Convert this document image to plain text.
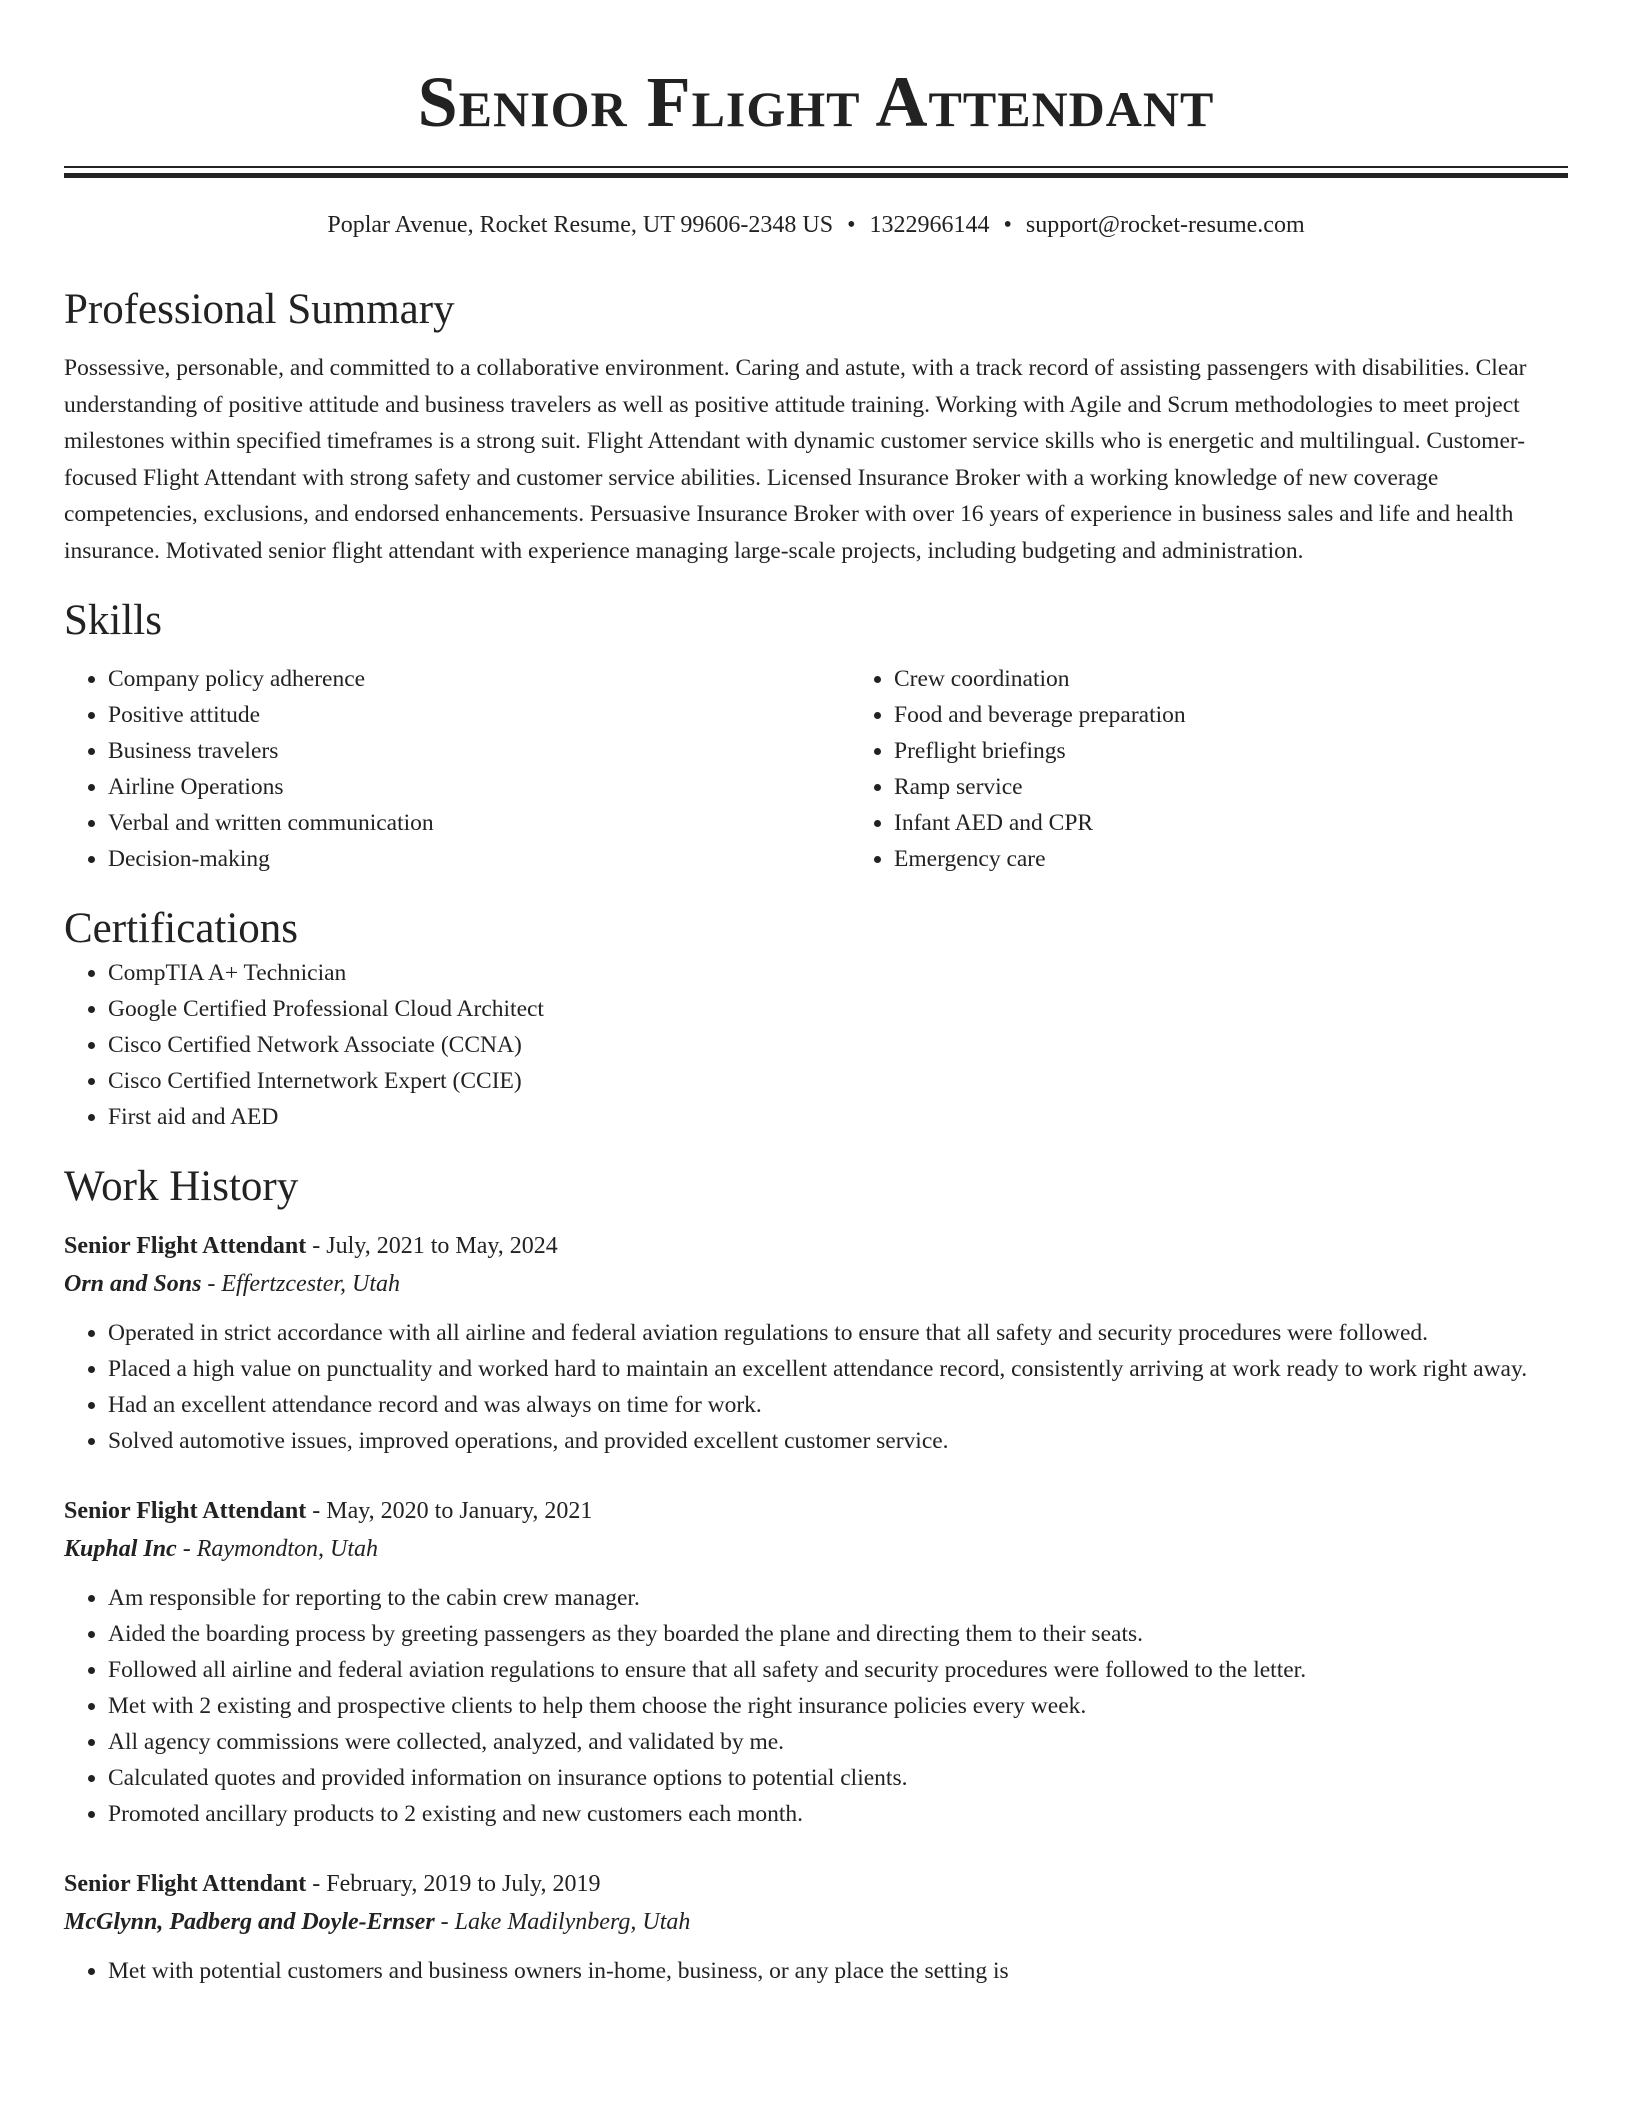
Senior Flight Attendant
Poplar Avenue, Rocket Resume, UT 99606-2348 US • 1322966144 • support@rocket-resume.com
Professional Summary

Possessive, personable, and committed to a collaborative environment. Caring and astute, with a track record of assisting passengers with disabilities. Clear understanding of positive attitude and business travelers as well as positive attitude training. Working with Agile and Scrum methodologies to meet project milestones within specified timeframes is a strong suit. Flight Attendant with dynamic customer service skills who is energetic and multilingual. Customer-focused Flight Attendant with strong safety and customer service abilities. Licensed Insurance Broker with a working knowledge of new coverage competencies, exclusions, and endorsed enhancements. Persuasive Insurance Broker with over 16 years of experience in business sales and life and health insurance. Motivated senior flight attendant with experience managing large-scale projects, including budgeting and administration.

Skills
• Company policy adherence
• Positive attitude
• Business travelers
• Airline Operations
• Verbal and written communication
• Decision-making
• Crew coordination
• Food and beverage preparation
• Preflight briefings
• Ramp service
• Infant AED and CPR
• Emergency care
Certifications
• CompTIA A+ Technician
• Google Certified Professional Cloud Architect
• Cisco Certified Network Associate (CCNA)
• Cisco Certified Internetwork Expert (CCIE)
• First aid and AED
Work History
Senior Flight Attendant - July, 2021 to May, 2024
Orn and Sons - Effertzcester, Utah
• Operated in strict accordance with all airline and federal aviation regulations to ensure that all safety and security procedures were followed.
• Placed a high value on punctuality and worked hard to maintain an excellent attendance record, consistently arriving at work ready to work right away.
• Had an excellent attendance record and was always on time for work.
• Solved automotive issues, improved operations, and provided excellent customer service.
Senior Flight Attendant - May, 2020 to January, 2021
Kuphal Inc - Raymondton, Utah
• Am responsible for reporting to the cabin crew manager.
• Aided the boarding process by greeting passengers as they boarded the plane and directing them to their seats.
• Followed all airline and federal aviation regulations to ensure that all safety and security procedures were followed to the letter.
• Met with 2 existing and prospective clients to help them choose the right insurance policies every week.
• All agency commissions were collected, analyzed, and validated by me.
• Calculated quotes and provided information on insurance options to potential clients.
• Promoted ancillary products to 2 existing and new customers each month.
Senior Flight Attendant - February, 2019 to July, 2019
McGlynn, Padberg and Doyle-Ernser - Lake Madilynberg, Utah
• Met with potential customers and business owners in-home, business, or any place the setting is
